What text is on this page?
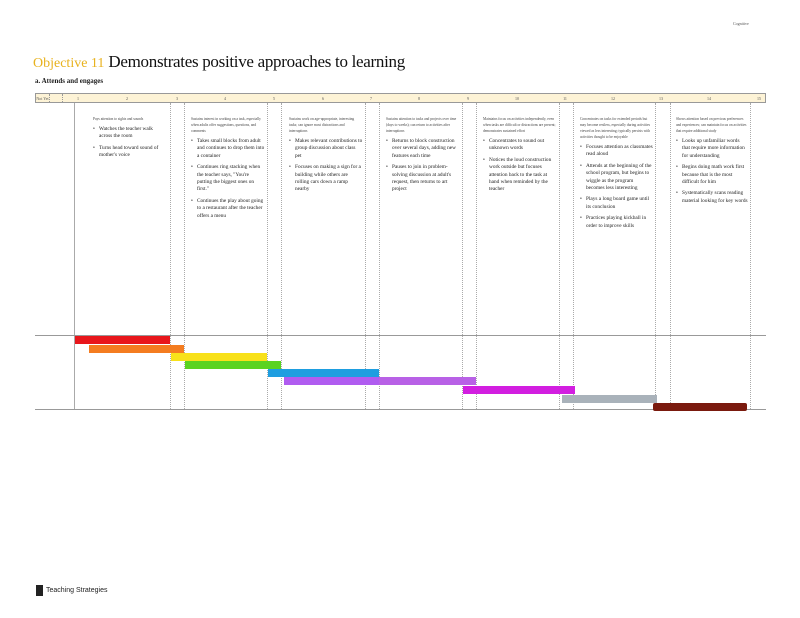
Cognitive
Objective 11 Demonstrates positive approaches to learning
a. Attends and engages
Not Yet	1	2	3	4	5	6	7	8	9	10	11	12	13	14	15

Pays attention to sights and sounds

• Watches the teacher walk across the room
• Turns head toward sound of mother's voice

Sustains interest in working on a task, especially when adults offer suggestions, questions, and comments

• Takes small blocks from adult and continues to drop them into a container
• Continues ring stacking when the teacher says, "You're putting the biggest ones on first."
• Continues the play about going to a restaurant after the teacher offers a menu

Sustains work on age-appropriate, interesting tasks; can ignore most distractions and interruptions

• Makes relevant contributions to group discussion about class pet
• Focuses on making a sign for a building while others are rolling cars down a ramp nearby

Sustains attention to tasks and projects over time (days to weeks); can return to activities after interruptions

• Returns to block construction over several days, adding new features each time
• Pauses to join in problem-solving discussion at adult's request, then returns to art project

Maintains focus on activities independently, even when tasks are difficult or distractions are present; demonstrates sustained effort

• Concentrates to sound out unknown words
• Notices the loud construction work outside but focuses attention back to the task at hand when reminded by the teacher

Concentrates on tasks for extended periods but may become restless, especially during activities viewed as less interesting; typically persists with activities thought to be enjoyable

• Focuses attention as classmates read aloud
• Attends at the beginning of the school program, but begins to wiggle as the program becomes less interesting
• Plays a long board game until its conclusion
• Practices playing kickball in order to improve skills

Shows attention based on previous preferences and experiences; can maintain focus on activities that require additional study

• Looks up unfamiliar words that require more information for understanding
• Begins doing math work first because that is the most difficult for him
• Systematically scans reading material looking for key words
Teaching Strategies
